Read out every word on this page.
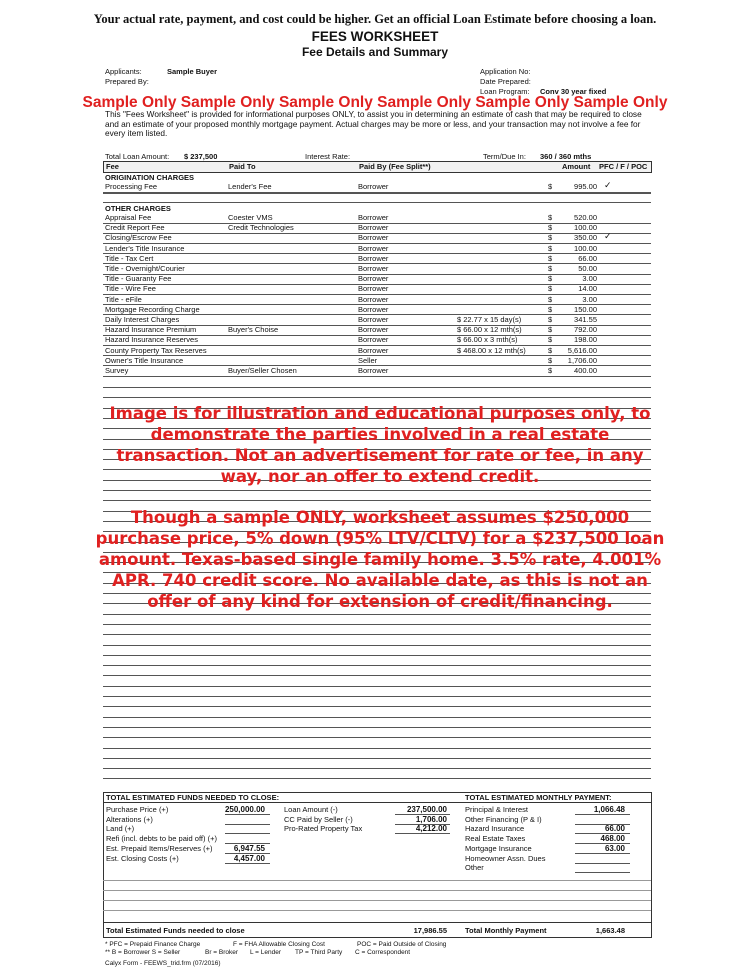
Your actual rate, payment, and cost could be higher. Get an official Loan Estimate before choosing a loan.
FEES WORKSHEET
Fee Details and Summary
Applicants:	Sample Buyer
Prepared By:
Application No:
Date Prepared:
Loan Program: Conv 30 year fixed
Sample Only Sample Only Sample Only Sample Only Sample Only Sample Only
This "Fees Worksheet" is provided for informational purposes ONLY, to assist you in determining an estimate of cash that may be required to close and an estimate of your proposed monthly mortgage payment. Actual charges may be more or less, and your transaction may not involve a fee for every item listed.
Total Loan Amount: $ 237,500	Interest Rate:	Term/Due In: 360 / 360 mths
Fee	Paid To	Paid By (Fee Split**)	Amount PFC / F / POC
ORIGINATION CHARGES
Processing Fee	Lender's Fee	Borrower	$	995.00 ✓
OTHER CHARGES
Appraisal Fee	Coester VMS	Borrower	$	520.00
Credit Report Fee	Credit Technologies	Borrower	$	100.00
Closing/Escrow Fee	Borrower	$	350.00 ✓
Lender's Title Insurance	Borrower	$	100.00
Title - Tax Cert	Borrower	$	66.00
Title - Overnight/Courier	Borrower	$	50.00
Title - Guaranty Fee	Borrower	$	3.00
Title - Wire Fee	Borrower	$	14.00
Title - eFile	Borrower	$	3.00
Mortgage Recording Charge	Borrower	$	150.00
Daily Interest Charges	Borrower	$ 22.77 x 15 day(s)	$	341.55
Hazard Insurance Premium	Buyer's Choise	Borrower	$ 66.00 x 12 mth(s)	$	792.00
Hazard Insurance Reserves	Borrower	$ 66.00 x 3 mth(s)	$	198.00
County Property Tax Reserves	Borrower	$ 468.00 x 12 mth(s)	$	5,616.00
Owner's Title Insurance	Seller	$	1,706.00
Survey	Buyer/Seller Chosen	Borrower	$	400.00
Image is for illustration and educational purposes only, to demonstrate the parties involved in a real estate transaction. Not an advertisement for rate or fee, in any way, nor an offer to extend credit.
Though a sample ONLY, worksheet assumes $250,000 purchase price, 5% down (95% LTV/CLTV) for a $237,500 loan amount. Texas-based single family home. 3.5% rate, 4.001% APR. 740 credit score. No available date, as this is not an offer of any kind for extension of credit/financing.
TOTAL ESTIMATED FUNDS NEEDED TO CLOSE:	TOTAL ESTIMATED MONTHLY PAYMENT:
Purchase Price (+)	250,000.00
Alterations (+)
Land (+)
Refi (incl. debts to be paid off) (+)
Est. Prepaid Items/Reserves (+)	6,947.55
Est. Closing Costs (+)	4,457.00
Loan Amount (-)	237,500.00
CC Paid by Seller (-)	1,706.00
Pro-Rated Property Tax	4,212.00
Principal & Interest	1,066.48
Other Financing (P & I)
Hazard Insurance	66.00
Real Estate Taxes	468.00
Mortgage Insurance	63.00
Homeowner Assn. Dues
Other
Total Estimated Funds needed to close	17,986.55 Total Monthly Payment	1,663.48
* PFC = Prepaid Finance Charge	F = FHA Allowable Closing Cost	POC = Paid Outside of Closing
** B = Borrower S = Seller	Br = Broker L = Lender TP = Third Party C = Correspondent
Calyx Form - FEEWS_trid.frm (07/2016)
